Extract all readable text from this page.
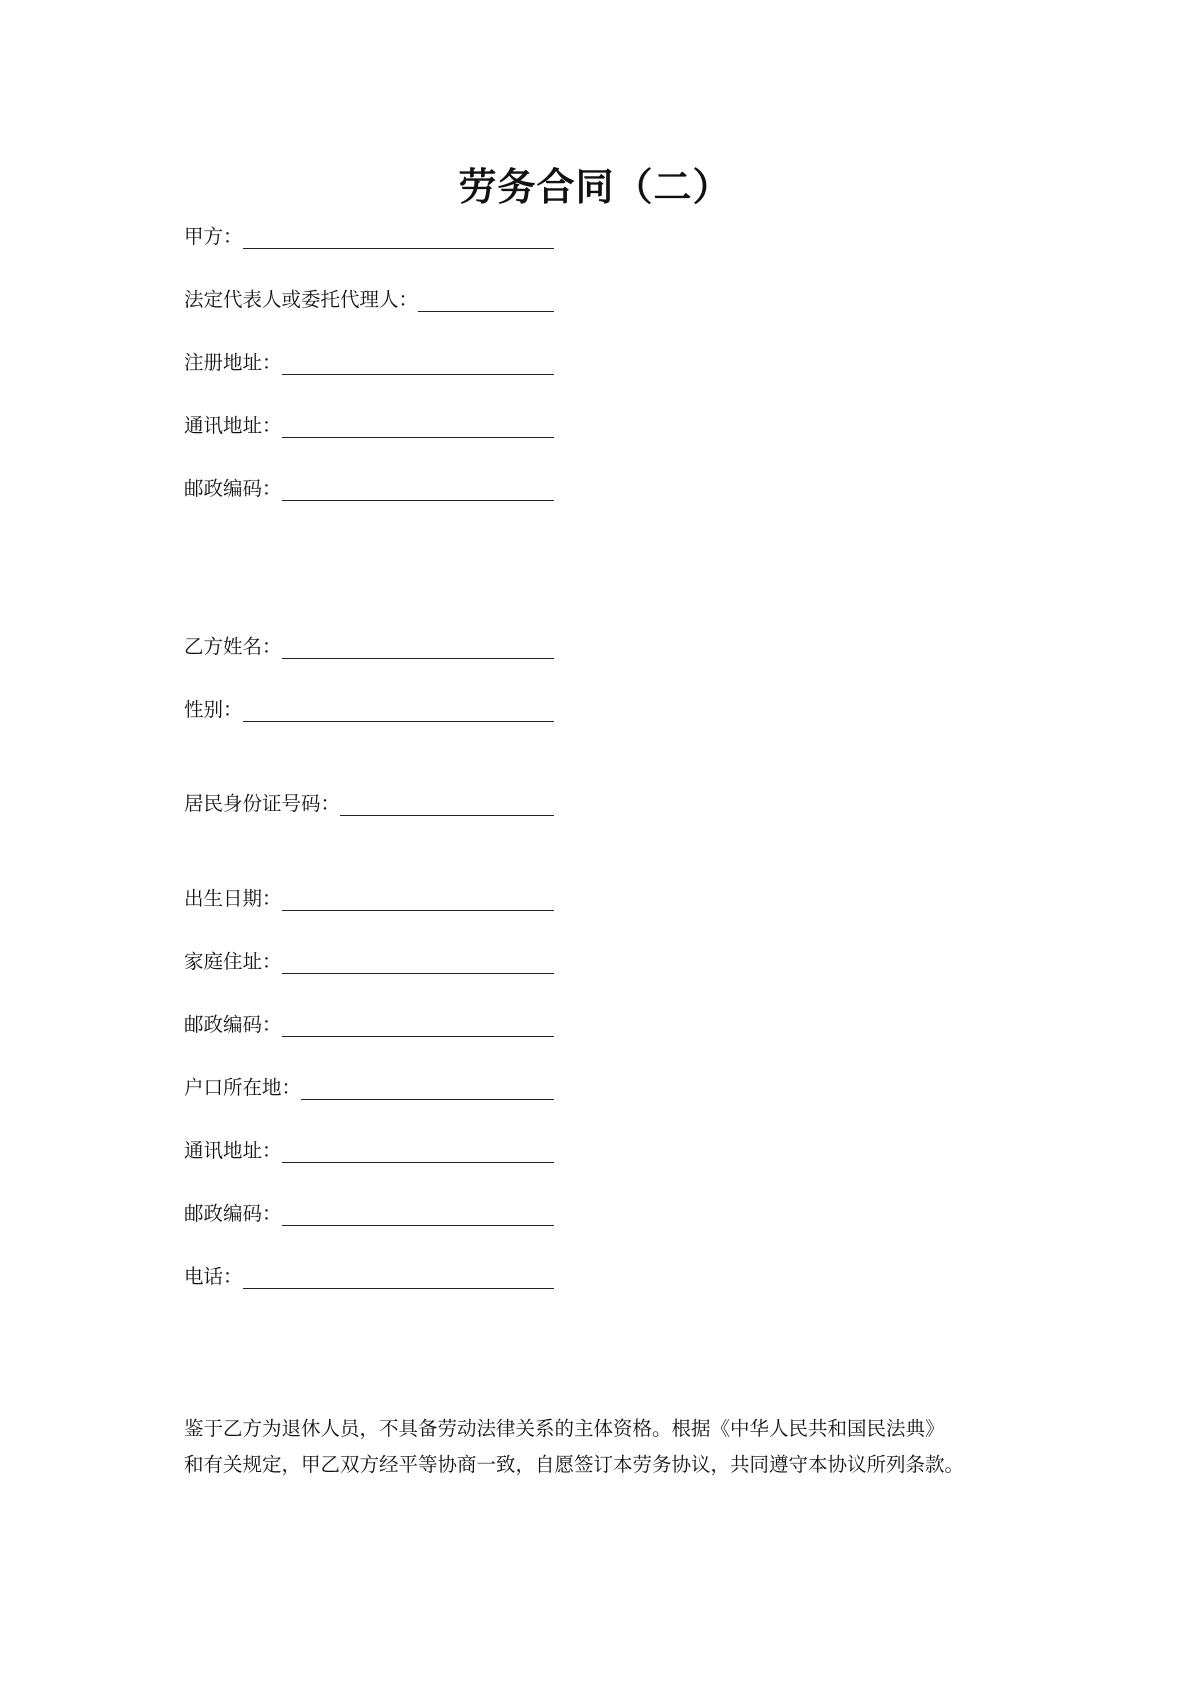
劳务合同（二）
甲方：
法定代表人或委托代理人：
注册地址：
通讯地址：
邮政编码：
乙方姓名：
性别：
居民身份证号码：
出生日期：
家庭住址：
邮政编码：
户口所在地：
通讯地址：
邮政编码：
电话：

鉴于乙方为退休人员，不具备劳动法律关系的主体资格。根据《中华人民共和国民法典》
和有关规定，甲乙双方经平等协商一致，自愿签订本劳务协议，共同遵守本协议所列条款。
